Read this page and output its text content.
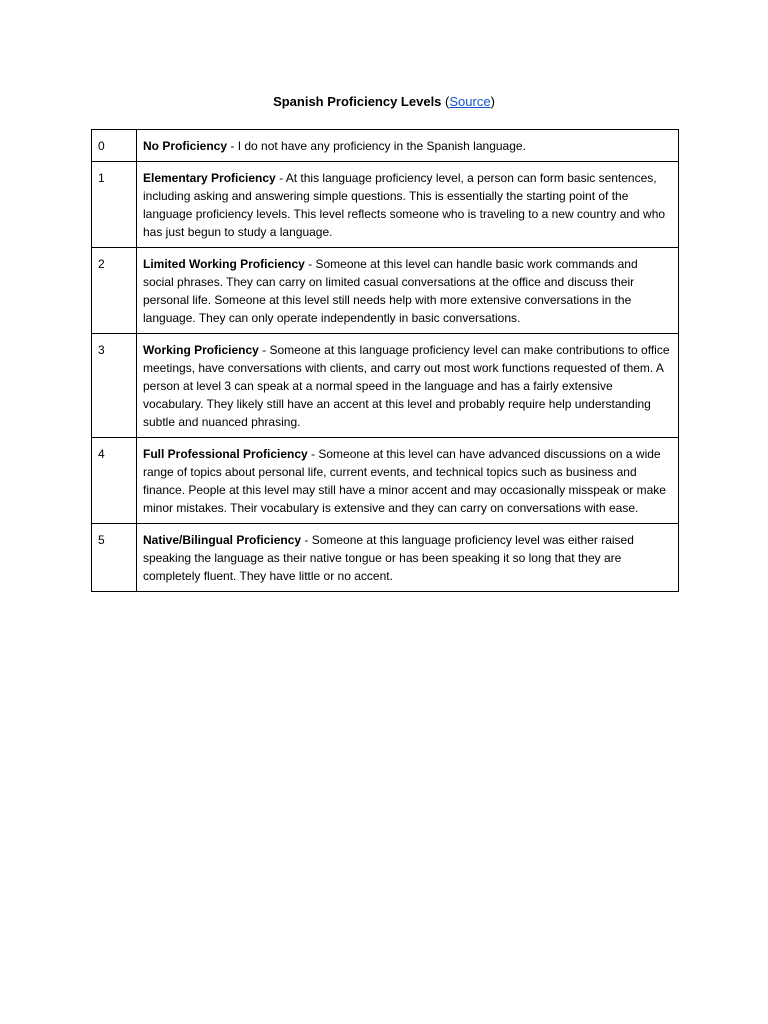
Spanish Proficiency Levels (Source)
0	No Proficiency - I do not have any proficiency in the Spanish language.
1	Elementary Proficiency - At this language proficiency level, a person can form basic sentences, including asking and answering simple questions. This is essentially the starting point of the language proficiency levels. This level reflects someone who is traveling to a new country and who has just begun to study a language.
2	Limited Working Proficiency - Someone at this level can handle basic work commands and social phrases. They can carry on limited casual conversations at the office and discuss their personal life. Someone at this level still needs help with more extensive conversations in the language. They can only operate independently in basic conversations.
3	Working Proficiency - Someone at this language proficiency level can make contributions to office meetings, have conversations with clients, and carry out most work functions requested of them. A person at level 3 can speak at a normal speed in the language and has a fairly extensive vocabulary. They likely still have an accent at this level and probably require help understanding subtle and nuanced phrasing.
4	Full Professional Proficiency - Someone at this level can have advanced discussions on a wide range of topics about personal life, current events, and technical topics such as business and finance. People at this level may still have a minor accent and may occasionally misspeak or make minor mistakes. Their vocabulary is extensive and they can carry on conversations with ease.
5	Native/Bilingual Proficiency - Someone at this language proficiency level was either raised speaking the language as their native tongue or has been speaking it so long that they are completely fluent. They have little or no accent.
